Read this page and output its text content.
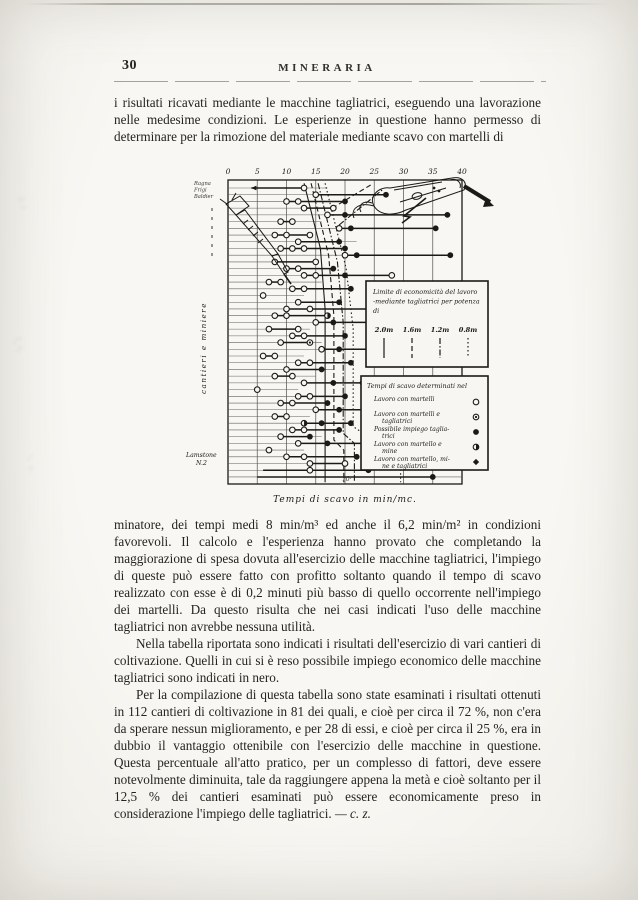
·:·
··
,···
;·
·´
:·
30	MINERARIA
i risultati ricavati mediante le macchine tagliatrici, eseguendo una lavorazione nelle medesime condizioni. Le esperienze in questione hanno permesso di determinare per la rimozione del materiale mediante scavo con martelli di
0	5	10	15	20	25	30	35	40
Limite di economicità del lavoro
-mediante tagliatrici per potenza
di
2.0m 1.6m 1.2m 0.8m
Tempi di scavo determinati nel
Lavoro con martelli
Lavoro con martelli e
tagliatrici
Possibile impiego taglia-
trici
Lavoro con martello e
mine
Lavoro con martello, mi-
ne e tagliatrici
Tempi di scavo in min/mc.
cantieri e miniere
Ragna
Frigi
Baldier
Lamstone
N.2
10·
minatore, dei tempi medi 8 min/m³ ed anche il 6,2 min/m² in condizioni favorevoli. Il calcolo e l'esperienza hanno provato che completando la maggiorazione di spesa dovuta all'esercizio delle macchine tagliatrici, l'impiego di queste può essere fatto con profitto soltanto quando il tempo di scavo realizzato con esse è di 0,2 minuti più basso di quello occorrente nell'impiego dei martelli. Da questo risulta che nei casi indicati l'uso delle macchine tagliatrici non avrebbe nessuna utilità.
Nella tabella riportata sono indicati i risultati dell'esercizio di vari cantieri di coltivazione. Quelli in cui si è reso possibile impiego economico delle macchine tagliatrici sono indicati in nero.
Per la compilazione di questa tabella sono state esaminati i risultati ottenuti in 112 cantieri di coltivazione in 81 dei quali, e cioè per circa il 72 %, non c'era da sperare nessun miglioramento, e per 28 di essi, e cioè per circa il 25 %, era in dubbio il vantaggio ottenibile con l'esercizio delle macchine in questione. Questa percentuale all'atto pratico, per un complesso di fattori, deve essere notevolmente diminuita, tale da raggiungere appena la metà e cioè soltanto per il 12,5 % dei cantieri esaminati può essere economicamente preso in considerazione l'impiego delle tagliatrici. — c. z.
